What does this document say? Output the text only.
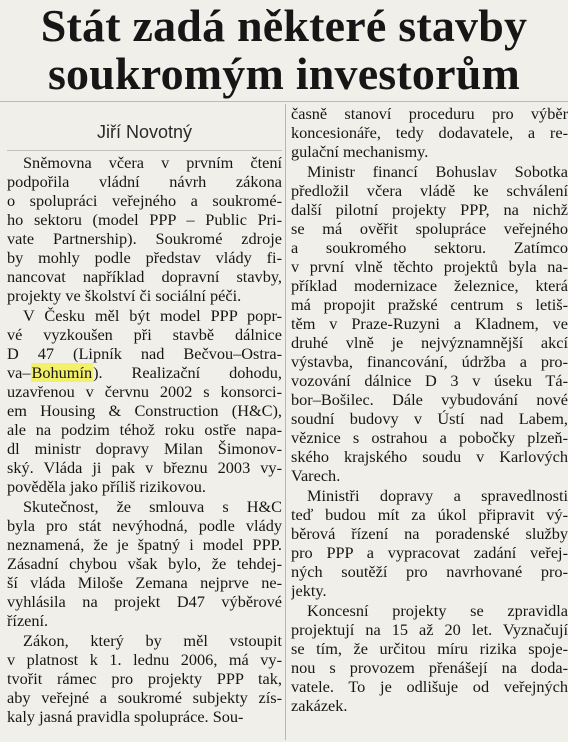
Stát zadá některé stavby
soukromým investorům
Jiří Novotný
Sněmovna včera v prvním čtení
podpořila vládní návrh zákona
o spolupráci veřejného a soukromé-
ho sektoru (model PPP – Public Pri-
vate Partnership). Soukromé zdroje
by mohly podle představ vlády fi-
nancovat například dopravní stavby,
projekty ve školství či sociální péči.
V Česku měl být model PPP popr-
vé vyzkoušen při stavbě dálnice
D 47 (Lipník nad Bečvou–Ostra-
va–Bohumín). Realizační dohodu,
uzavřenou v červnu 2002 s konsorci-
em Housing & Construction (H&C),
ale na podzim téhož roku ostře napa-
dl ministr dopravy Milan Šimonov-
ský. Vláda ji pak v březnu 2003 vy-
pověděla jako příliš rizikovou.
Skutečnost, že smlouva s H&C
byla pro stát nevýhodná, podle vlády
neznamená, že je špatný i model PPP.
Zásadní chybou však bylo, že tehdej-
ší vláda Miloše Zemana nejprve ne-
vyhlásila na projekt D47 výběrové
řízení.
Zákon, který by měl vstoupit
v platnost k 1. lednu 2006, má vy-
tvořit rámec pro projekty PPP tak,
aby veřejné a soukromé subjekty zís-
kaly jasná pravidla spolupráce. Sou-
časně stanoví proceduru pro výběr
koncesionáře, tedy dodavatele, a re-
gulační mechanismy.
Ministr financí Bohuslav Sobotka
předložil včera vládě ke schválení
další pilotní projekty PPP, na nichž
se má ověřit spolupráce veřejného
a soukromého sektoru. Zatímco
v první vlně těchto projektů byla na-
příklad modernizace železnice, která
má propojit pražské centrum s letiš-
těm v Praze-Ruzyni a Kladnem, ve
druhé vlně je nejvýznamnější akcí
výstavba, financování, údržba a pro-
vozování dálnice D 3 v úseku Tá-
bor–Bošilec. Dále vybudování nové
soudní budovy v Ústí nad Labem,
věznice s ostrahou a pobočky plzeň-
ského krajského soudu v Karlových
Varech.
Ministři dopravy a spravedlnosti
teď budou mít za úkol připravit vý-
běrová řízení na poradenské služby
pro PPP a vypracovat zadání veřej-
ných soutěží pro navrhované pro-
jekty.
Koncesní projekty se zpravidla
projektují na 15 až 20 let. Vyznačují
se tím, že určitou míru rizika spoje-
nou s provozem přenášejí na doda-
vatele. To je odlišuje od veřejných
zakázek.
